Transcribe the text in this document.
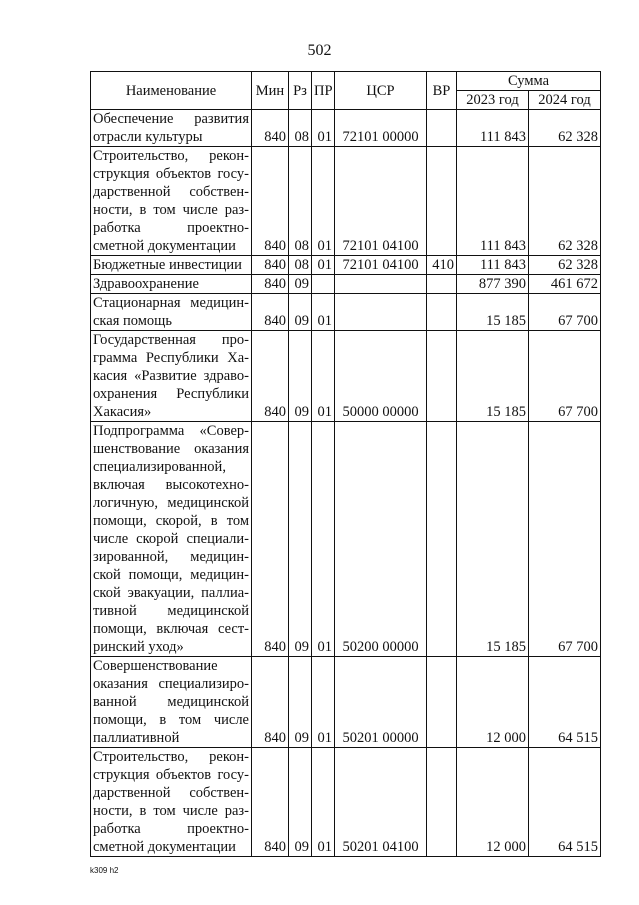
502
Наименование	Мин	Рз	ПР	ЦСР	ВР	Сумма	
						2023 год	2024 год
Обеспечение развития отрасли культуры	840	08	01	72101 00000		111 843	62 328
Строительство, реконструкция объектов государственной собственности, в том числе разработка проектно-сметной документации	840	08	01	72101 04100		111 843	62 328
Бюджетные инвестиции	840	08	01	72101 04100	410	111 843	62 328
Здравоохранение	840	09				877 390	461 672
Стационарная медицинская помощь	840	09	01			15 185	67 700
Государственная программа Республики Хакасия «Развитие здравоохранения Республики Хакасия»	840	09	01	50000 00000		15 185	67 700
Подпрограмма «Совершенствование оказания специализированной, включая высокотехнологичную, медицинской помощи, скорой, в том числе скорой специализированной, медицинской помощи, медицинской эвакуации, паллиативной медицинской помощи, включая сестринский уход»	840	09	01	50200 00000		15 185	67 700
Совершенствование оказания специализированной медицинской помощи, в том числе паллиативной	840	09	01	50201 00000		12 000	64 515
Строительство, реконструкция объектов государственной собственности, в том числе разработка проектно-сметной документации	840	09	01	50201 04100		12 000	64 515
k309 h2
